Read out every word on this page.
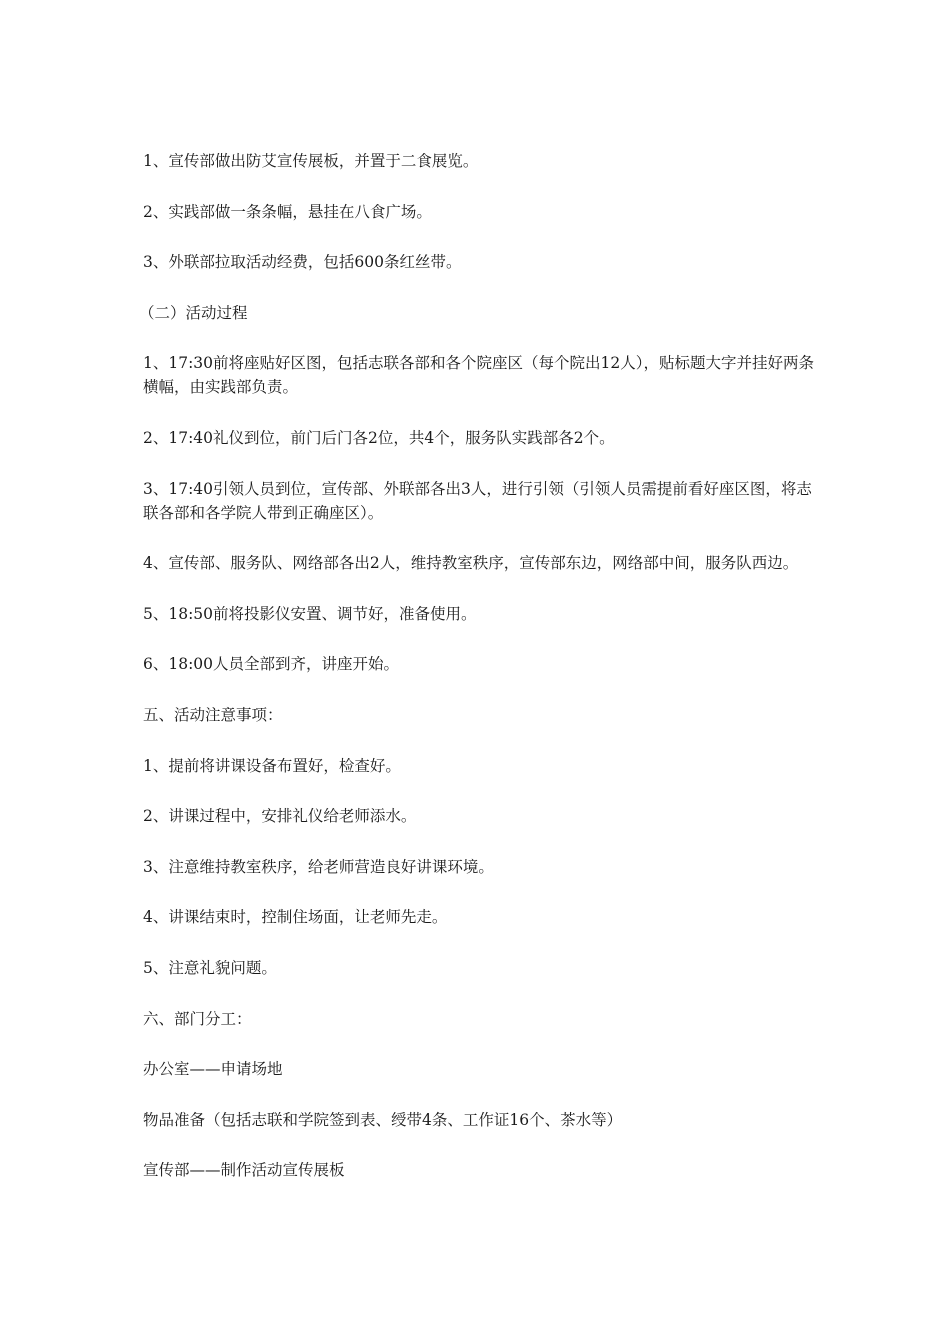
1、宣传部做出防艾宣传展板，并置于二食展览。

2、实践部做一条条幅，悬挂在八食广场。

3、外联部拉取活动经费，包括600条红丝带。

（二）活动过程

1、17:30前将座贴好区图，包括志联各部和各个院座区（每个院出12人），贴标题大字并挂好两条横幅，由实践部负责。

2、17:40礼仪到位，前门后门各2位，共4个，服务队实践部各2个。

3、17:40引领人员到位，宣传部、外联部各出3人，进行引领（引领人员需提前看好座区图，将志联各部和各学院人带到正确座区）。

4、宣传部、服务队、网络部各出2人，维持教室秩序，宣传部东边，网络部中间，服务队西边。

5、18:50前将投影仪安置、调节好，准备使用。

6、18:00人员全部到齐，讲座开始。

五、活动注意事项：

1、提前将讲课设备布置好，检查好。

2、讲课过程中，安排礼仪给老师添水。

3、注意维持教室秩序，给老师营造良好讲课环境。

4、讲课结束时，控制住场面，让老师先走。

5、注意礼貌问题。

六、部门分工：

办公室——申请场地

物品准备（包括志联和学院签到表、绶带4条、工作证16个、茶水等）

宣传部——制作活动宣传展板
